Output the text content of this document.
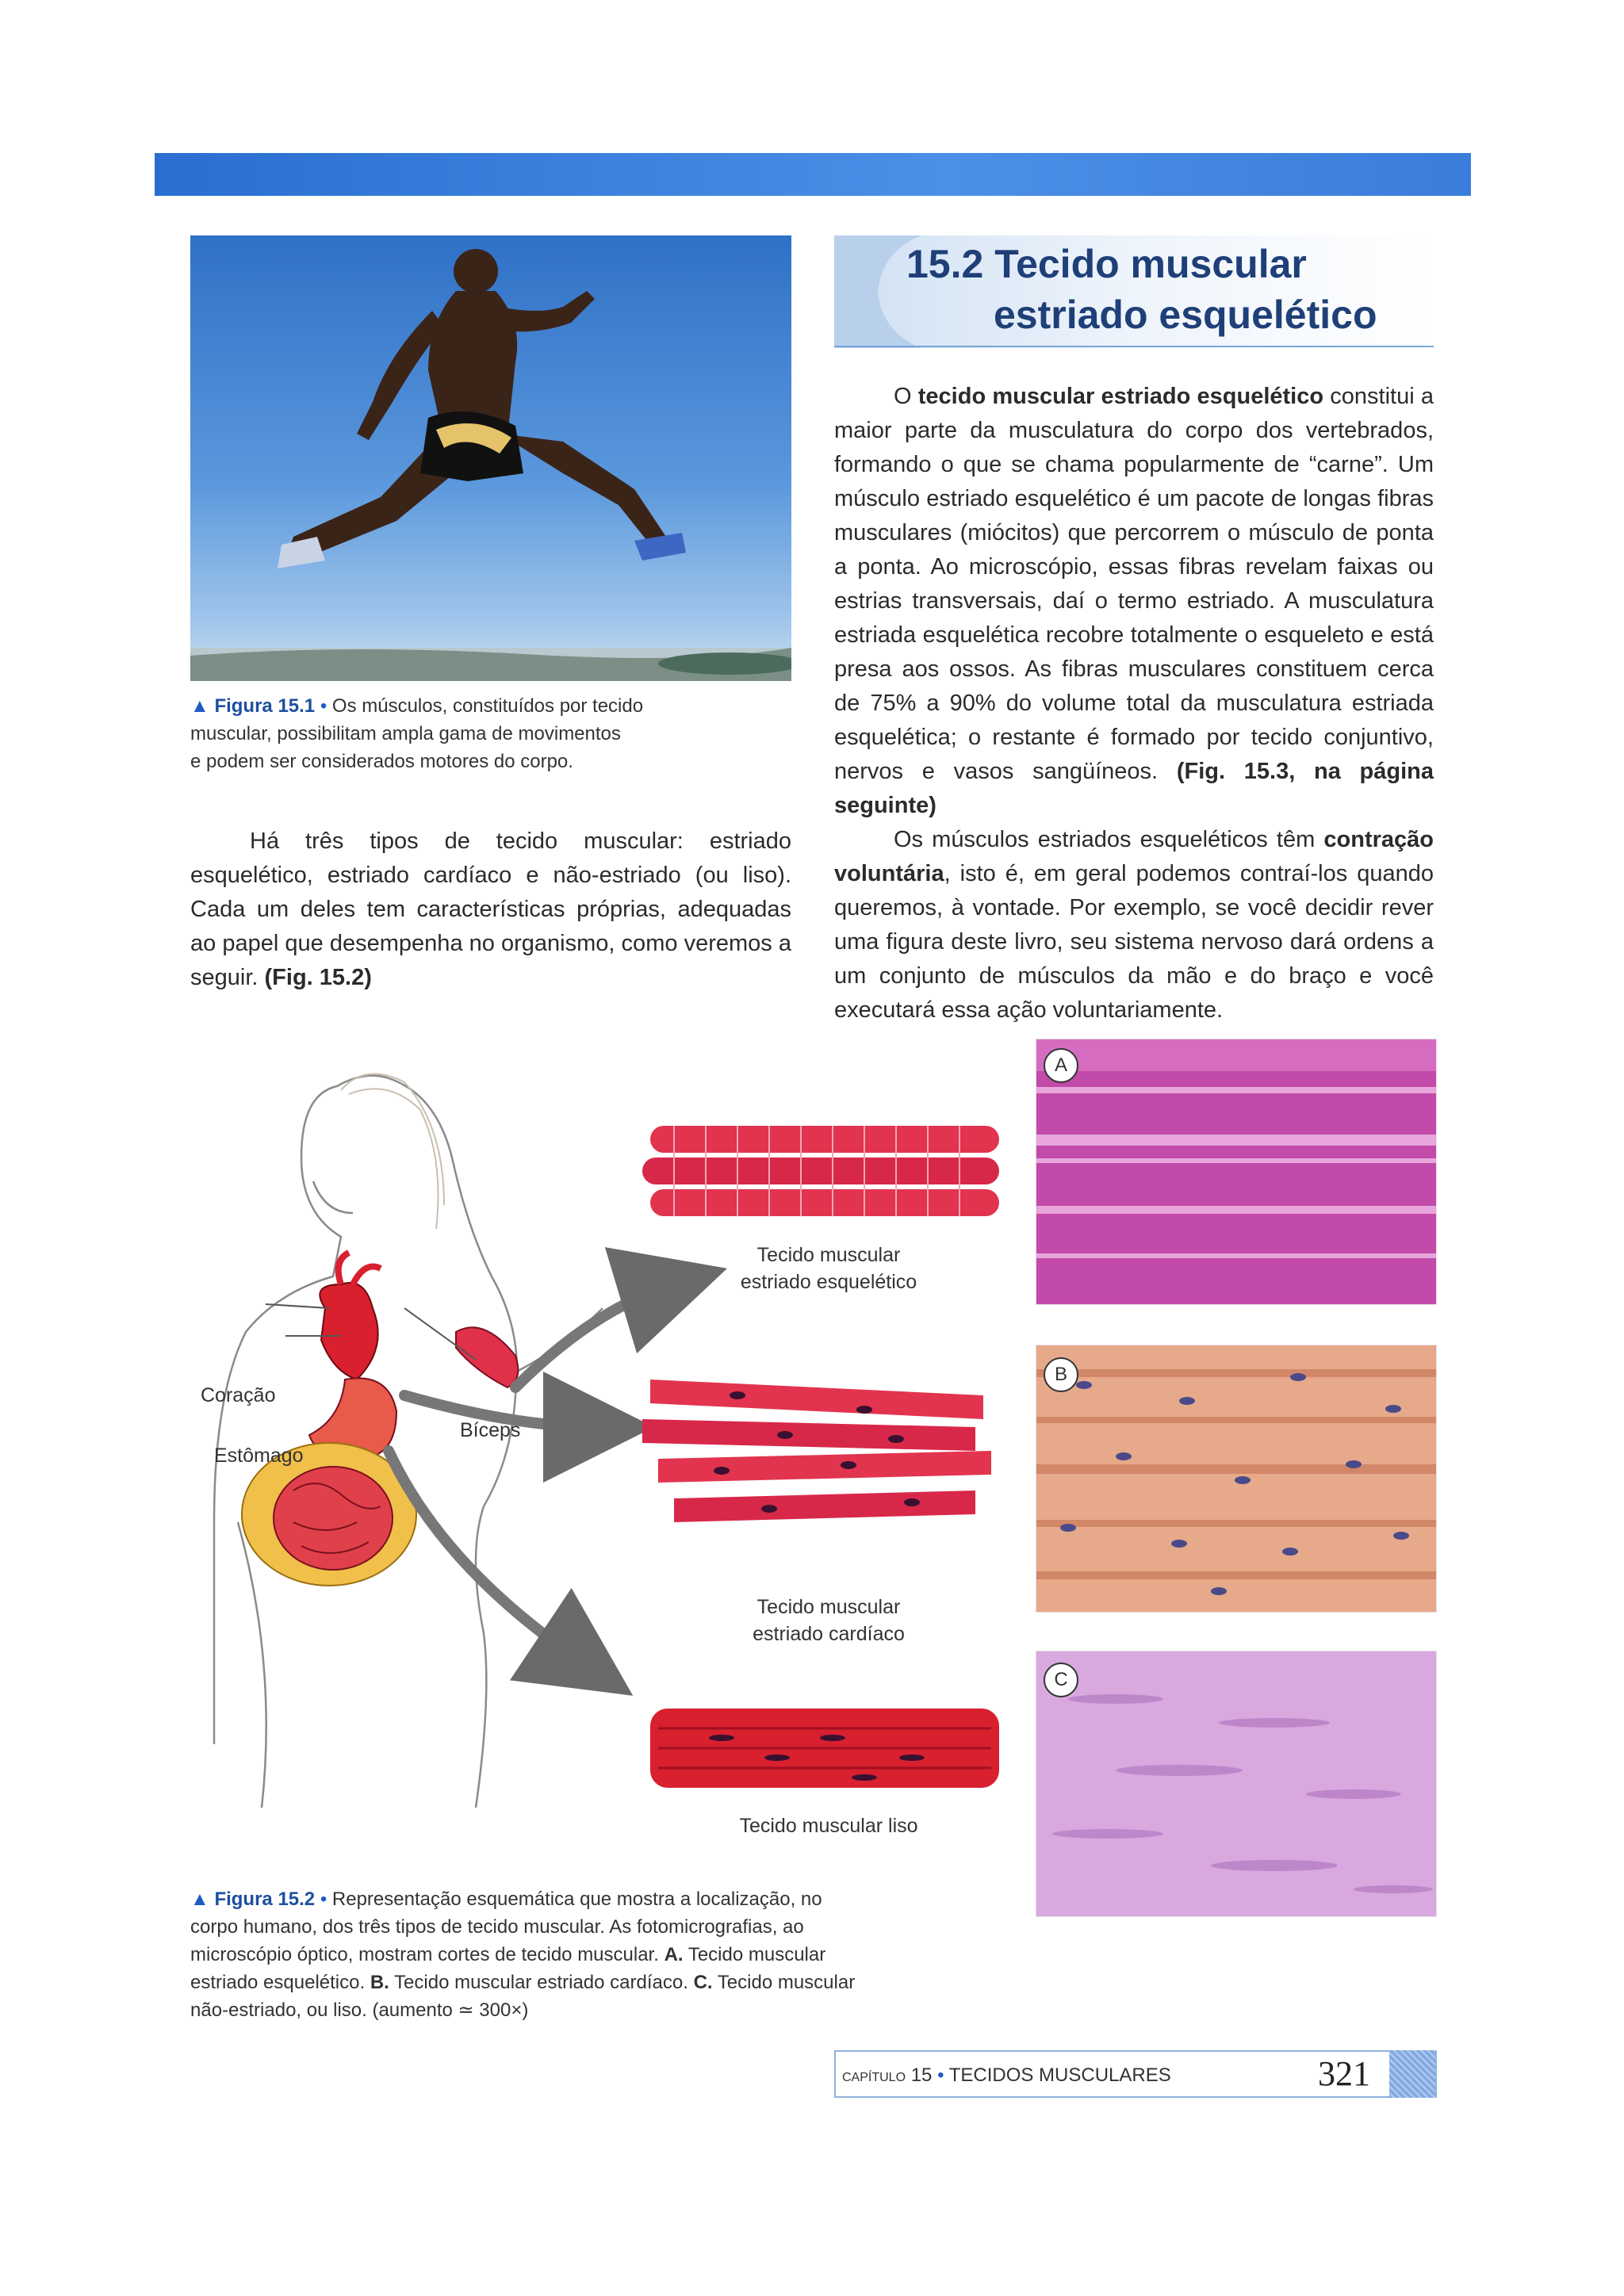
▲ Figura 15.1 • Os músculos, constituídos por tecido
muscular, possibilitam ampla gama de movimentos
e podem ser considerados motores do corpo.

Há três tipos de tecido muscular: estriado esquelético, estriado cardíaco e não-estriado (ou liso). Cada um deles tem características próprias, adequadas ao papel que desempenha no organismo, como veremos a seguir. (Fig. 15.2)

15.2 Tecido muscular
estriado esquelético

O tecido muscular estriado esquelético constitui a maior parte da musculatura do corpo dos vertebrados, formando o que se chama popularmente de “carne”. Um músculo estriado esquelético é um pacote de longas fibras musculares (miócitos) que percorrem o músculo de ponta a ponta. Ao microscópio, essas fibras revelam faixas ou estrias transversais, daí o termo estriado. A musculatura estriada esquelética recobre totalmente o esqueleto e está presa aos ossos. As fibras musculares constituem cerca de 75% a 90% do volume total da musculatura estriada esquelética; o restante é formado por tecido conjuntivo, nervos e vasos sangüíneos. (Fig. 15.3, na página seguinte)

Os músculos estriados esqueléticos têm contração voluntária, isto é, em geral podemos contraí-los quando queremos, à vontade. Por exemplo, se você decidir rever uma figura deste livro, seu sistema nervoso dará ordens a um conjunto de músculos da mão e do braço e você executará essa ação voluntariamente.

Coração
Estômago
Bíceps
Tecido muscular
estriado esquelético
Tecido muscular
estriado cardíaco
Tecido muscular liso
A
B
C
▲ Figura 15.2 • Representação esquemática que mostra a localização, no
corpo humano, dos três tipos de tecido muscular. As fotomicrografias, ao
microscópio óptico, mostram cortes de tecido muscular. A. Tecido muscular
estriado esquelético. B. Tecido muscular estriado cardíaco. C. Tecido muscular
não-estriado, ou liso. (aumento ≃ 300×)
CAPÍTULO 15 • TECIDOS MUSCULARES	321
